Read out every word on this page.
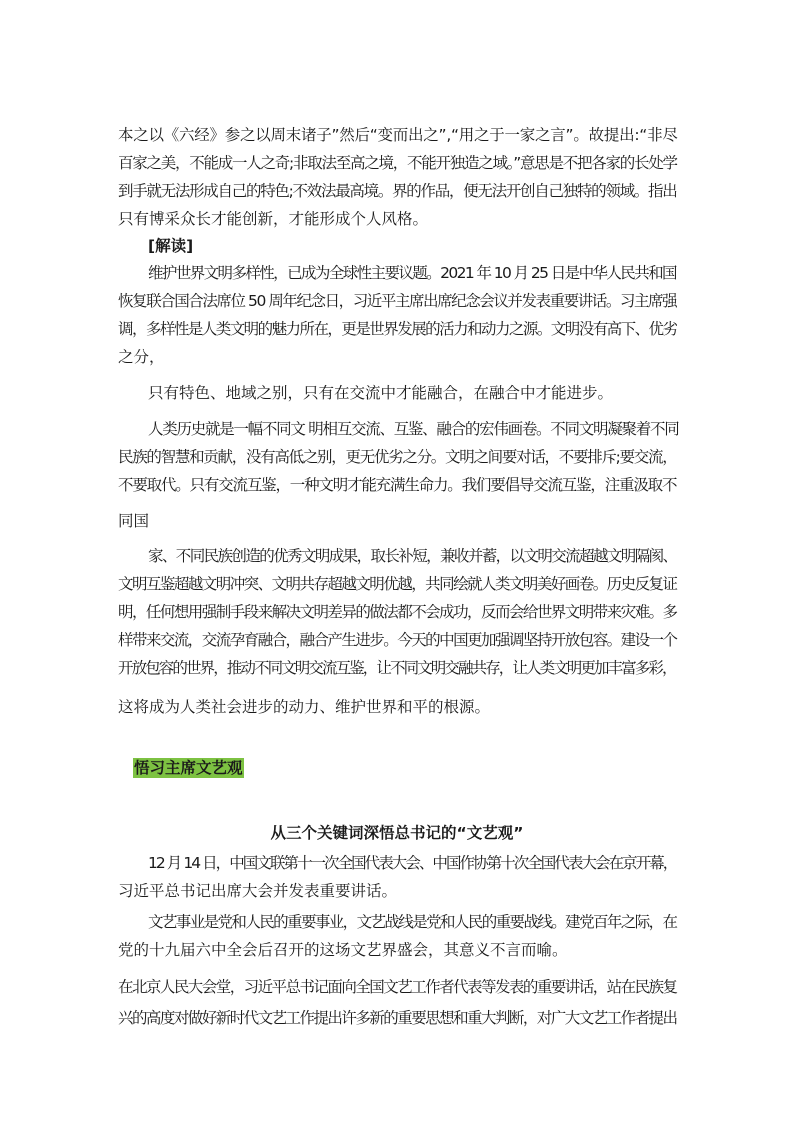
本之以《六经》参之以周末诸子”然后“变而出之”,“用之于一家之言”。故提出:“非尽
百家之美，不能成一人之奇;非取法至高之境，不能开独造之域。”意思是不把各家的长处学
到手就无法形成自己的特色;不效法最高境。界的作品，便无法开创自己独特的领域。指出
只有博采众长才能创新，才能形成个人风格。
[解读]
维护世界文明多样性，已成为全球性主要议题。2021 年 10 月 25 日是中华人民共和国
恢复联合国合法席位 50 周年纪念日，习近平主席出席纪念会议并发表重要讲话。习主席强
调，多样性是人类文明的魅力所在，更是世界发展的活力和动力之源。文明没有高下、优劣
之分，
只有特色、地域之别，只有在交流中才能融合，在融合中才能进步。
人类历史就是一幅不同文 明相互交流、互鉴、融合的宏伟画卷。不同文明凝聚着不同
民族的智慧和贡献，没有高低之别，更无优劣之分。文明之间要对话，不要排斥;要交流，
不要取代。只有交流互鉴，一种文明才能充满生命力。我们要倡导交流互鉴，注重汲取不
同国
家、不同民族创造的优秀文明成果，取长补短，兼收并蓄，以文明交流超越文明隔阂、
文明互鉴超越文明冲突、文明共存超越文明优越，共同绘就人类文明美好画卷。历史反复证
明，任何想用强制手段来解决文明差异的做法都不会成功，反而会给世界文明带来灾难。多
样带来交流，交流孕育融合，融合产生进步。今天的中国更加强调坚持开放包容。建设一个
开放包容的世界，推动不同文明交流互鉴，让不同文明交融共存，让人类文明更加丰富多彩，
这将成为人类社会进步的动力、维护世界和平的根源。
悟习主席文艺观
从三个关键词深悟总书记的“文艺观”
12 月 14 日，中国文联第十一次全国代表大会、中国作协第十次全国代表大会在京开幕，
习近平总书记出席大会并发表重要讲话。
文艺事业是党和人民的重要事业，文艺战线是党和人民的重要战线。建党百年之际，在
党的十九届六中全会后召开的这场文艺界盛会，其意义不言而喻。
在北京人民大会堂，习近平总书记面向全国文艺工作者代表等发表的重要讲话，站在民族复
兴的高度对做好新时代文艺工作提出许多新的重要思想和重大判断，对广大文艺工作者提出
